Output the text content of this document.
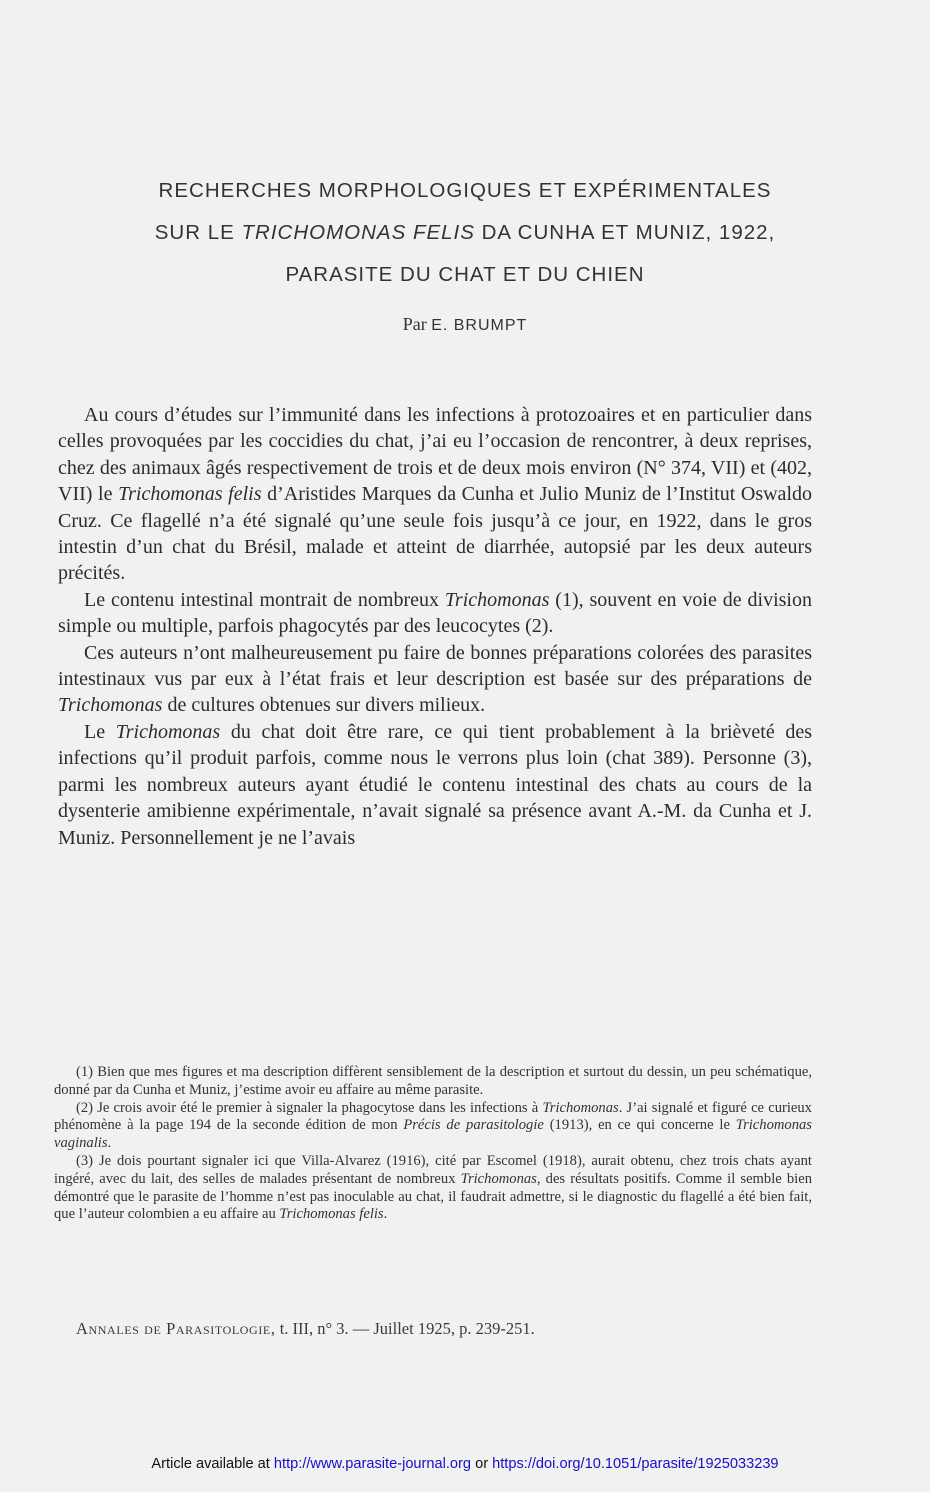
RECHERCHES MORPHOLOGIQUES ET EXPÉRIMENTALES
SUR LE TRICHOMONAS FELIS DA CUNHA ET MUNIZ, 1922,
PARASITE DU CHAT ET DU CHIEN
Par E. BRUMPT

Au cours d’études sur l’immunité dans les infections à protozoaires et en particulier dans celles provoquées par les coccidies du chat, j’ai eu l’occasion de rencontrer, à deux reprises, chez des animaux âgés respectivement de trois et de deux mois environ (N° 374, VII) et (402, VII) le Trichomonas felis d’Aristides Marques da Cunha et Julio Muniz de l’Institut Oswaldo Cruz. Ce flagellé n’a été signalé qu’une seule fois jusqu’à ce jour, en 1922, dans le gros intestin d’un chat du Brésil, malade et atteint de diarrhée, autopsié par les deux auteurs précités.

Le contenu intestinal montrait de nombreux Trichomonas (1), souvent en voie de division simple ou multiple, parfois phagocytés par des leucocytes (2).

Ces auteurs n’ont malheureusement pu faire de bonnes préparations colorées des parasites intestinaux vus par eux à l’état frais et leur description est basée sur des préparations de Trichomonas de cultures obtenues sur divers milieux.

Le Trichomonas du chat doit être rare, ce qui tient probablement à la brièveté des infections qu’il produit parfois, comme nous le verrons plus loin (chat 389). Personne (3), parmi les nombreux auteurs ayant étudié le contenu intestinal des chats au cours de la dysenterie amibienne expérimentale, n’avait signalé sa présence avant A.-M. da Cunha et J. Muniz. Personnellement je ne l’avais

(1) Bien que mes figures et ma description diffèrent sensiblement de la description et surtout du dessin, un peu schématique, donné par da Cunha et Muniz, j’estime avoir eu affaire au même parasite.

(2) Je crois avoir été le premier à signaler la phagocytose dans les infections à Trichomonas. J’ai signalé et figuré ce curieux phénomène à la page 194 de la seconde édition de mon Précis de parasitologie (1913), en ce qui concerne le Trichomonas vaginalis.

(3) Je dois pourtant signaler ici que Villa-Alvarez (1916), cité par Escomel (1918), aurait obtenu, chez trois chats ayant ingéré, avec du lait, des selles de malades présentant de nombreux Trichomonas, des résultats positifs. Comme il semble bien démontré que le parasite de l’homme n’est pas inoculable au chat, il faudrait admettre, si le diagnostic du flagellé a été bien fait, que l’auteur colombien a eu affaire au Trichomonas felis.

Annales de Parasitologie, t. III, n° 3. — Juillet 1925, p. 239-251.
Article available at http://www.parasite-journal.org or https://doi.org/10.1051/parasite/1925033239
